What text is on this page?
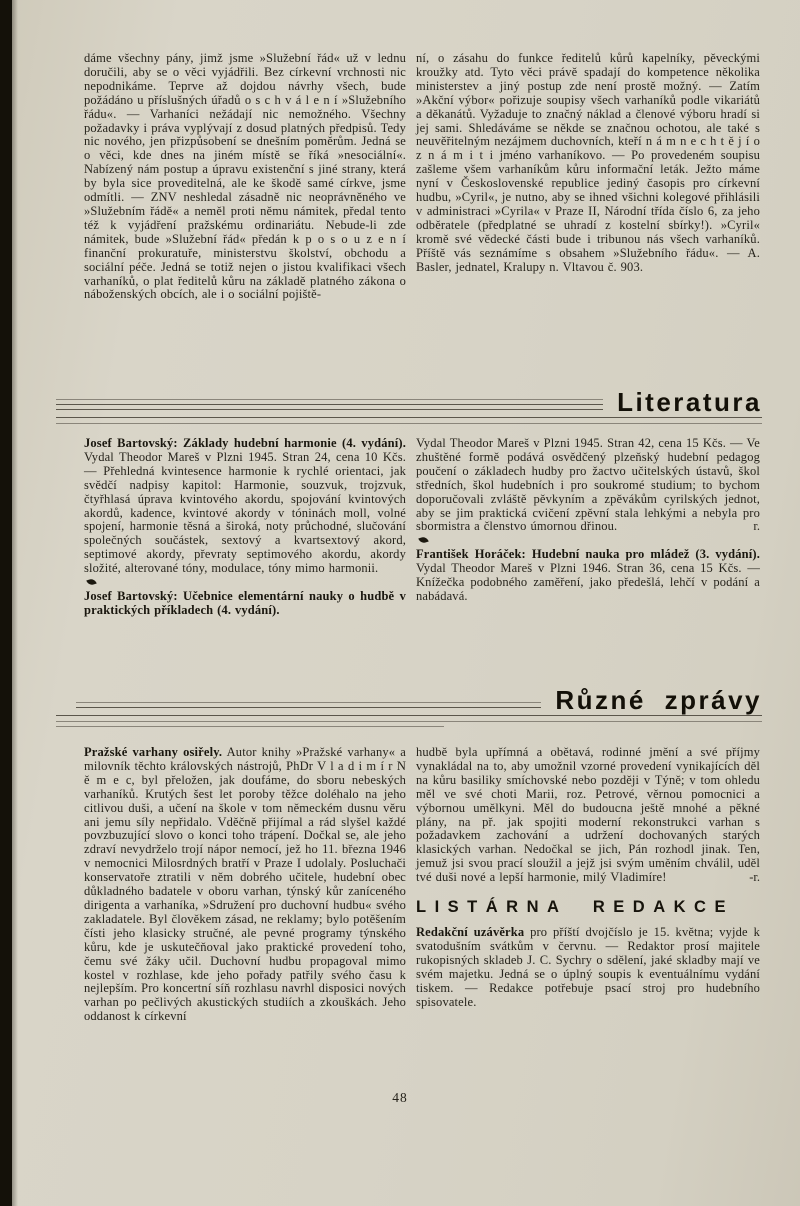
dáme všechny pány, jimž jsme »Služební řád« už v lednu doručili, aby se o věci vyjádřili. Bez církevní vrchnosti nic nepodnikáme. Teprve až dojdou návrhy všech, bude požádáno u příslušných úřadů o s c h v á l e n í »Služebního řádu«. — Varhaníci nežádají nic nemožného. Všechny požadavky i práva vyplývají z dosud platných předpisů. Tedy nic nového, jen přizpůsobení se dnešním poměrům. Jedná se o věci, kde dnes na jiném místě se říká »nesociální«. Nabízený nám postup a úpravu existenční s jiné strany, která by byla sice proveditelná, ale ke škodě samé církve, jsme odmítli. — ZNV neshledal zásadně nic neoprávněného ve »Služebním řádě« a neměl proti němu námitek, předal tento též k vyjádření pražskému ordinariátu. Nebude-li zde námitek, bude »Služební řád« předán k p o s o u z e n í finanční prokuratuře, ministerstvu školství, obchodu a sociální péče. Jedná se totiž nejen o jistou kvalifikaci všech varhaníků, o plat ředitelů kůru na základě platného zákona o náboženských obcích, ale i o sociální pojiště-

ní, o zásahu do funkce ředitelů kůrů kapelníky, pěveckými kroužky atd. Tyto věci právě spadají do kompetence několika ministerstev a jiný postup zde není prostě možný. — Zatím »Akční výbor« pořizuje soupisy všech varhaníků podle vikariátů a děkanátů. Vyžaduje to značný náklad a členové výboru hradí si jej sami. Shledáváme se někde se značnou ochotou, ale také s neuvěřitelným nezájmem duchovních, kteří n á m n e c h t ě j í o z n á m i t i jméno varhaníkovo. — Po provedeném soupisu zašleme všem varhaníkům kůru informační leták. Ježto máme nyní v Československé republice jediný časopis pro církevní hudbu, »Cyril«, je nutno, aby se ihned všichni kolegové přihlásili v administraci »Cyrila« v Praze II, Národní třída číslo 6, za jeho odběratele (předplatné se uhradí z kostelní sbírky!). »Cyril« kromě své vědecké části bude i tribunou nás všech varhaníků. Příště vás seznámíme s obsahem »Služebního řádu«. — A. Basler, jednatel, Kralupy n. Vltavou č. 903.

Literatura

Josef Bartovský: Základy hudební harmonie (4. vydání). Vydal Theodor Mareš v Plzni 1945. Stran 24, cena 10 Kčs. — Přehledná kvintesence harmonie k rychlé orientaci, jak svědčí nadpisy kapitol: Harmonie, souzvuk, trojzvuk, čtyřhlasá úprava kvintového akordu, spojování kvintových akordů, kadence, kvintové akordy v tóninách moll, volné spojení, harmonie těsná a široká, noty průchodné, slučování společných součástek, sextový a kvartsextový akord, septimové akordy, převraty septimového akordu, akordy složité, alterované tóny, modulace, tóny mimo harmonii.

Josef Bartovský: Učebnice elementární nauky o hudbě v praktických příkladech (4. vydání).

Vydal Theodor Mareš v Plzni 1945. Stran 42, cena 15 Kčs. — Ve zhuštěné formě podává osvědčený plzeňský hudební pedagog poučení o základech hudby pro žactvo učitelských ústavů, škol středních, škol hudebních i pro soukromé studium; to bychom doporučovali zvláště pěvkyním a zpěvákům cyrilských jednot, aby se jim praktická cvičení zpěvní stala lehkými a nebyla pro sbormistra a členstvo úmornou dřinou.	r.

František Horáček: Hudební nauka pro mládež (3. vydání). Vydal Theodor Mareš v Plzni 1946. Stran 36, cena 15 Kčs. — Knížečka podobného zaměření, jako předešlá, lehčí v podání a nabádavá.

Různé zprávy

Pražské varhany osiřely. Autor knihy »Pražské varhany« a milovník těchto královských nástrojů, PhDr V l a d i m í r N ě m e c, byl přeložen, jak doufáme, do sboru nebeských varhaníků. Krutých šest let poroby těžce doléhalo na jeho citlivou duši, a učení na škole v tom německém dusnu věru ani jemu síly nepřidalo. Vděčně přijímal a rád slyšel každé povzbuzující slovo o konci toho trápení. Dočkal se, ale jeho zdraví nevydrželo trojí nápor nemocí, jež ho 11. března 1946 v nemocnici Milosrdných bratří v Praze I udolaly. Posluchači konservatoře ztratili v něm dobrého učitele, hudební obec důkladného badatele v oboru varhan, týnský kůr zaníceného dirigenta a varhaníka, »Sdružení pro duchovní hudbu« svého zakladatele. Byl člověkem zásad, ne reklamy; bylo potěšením čísti jeho klasicky stručné, ale pevné programy týnského kůru, kde je uskutečňoval jako praktické provedení toho, čemu své žáky učil. Duchovní hudbu propagoval mimo kostel v rozhlase, kde jeho pořady patřily svého času k nejlepším. Pro koncertní síň rozhlasu navrhl disposici nových varhan po pečlivých akustických studiích a zkouškách. Jeho oddanost k církevní

hudbě byla upřímná a obětavá, rodinné jmění a své příjmy vynakládal na to, aby umožnil vzorné provedení vynikajících děl na kůru basiliky smíchovské nebo později v Týně; v tom ohledu měl ve své choti Marii, roz. Petrové, věrnou pomocnici a výbornou umělkyni. Měl do budoucna ještě mnohé a pěkné plány, na př. jak spojiti moderní rekonstrukci varhan s požadavkem zachování a udržení dochovaných starých klasických varhan. Nedočkal se jich, Pán rozhodl jinak. Ten, jemuž jsi svou prací sloužil a jejž jsi svým uměním chválil, uděl tvé duši nové a lepší harmonie, milý Vladimíre!	-r.
LISTÁRNA REDAKCE

Redakční uzávěrka pro příští dvojčíslo je 15. května; vyjde k svatodušním svátkům v červnu. — Redaktor prosí majitele rukopisných skladeb J. C. Sychry o sdělení, jaké skladby mají ve svém majetku. Jedná se o úplný soupis k eventuálnímu vydání tiskem. — Redakce potřebuje psací stroj pro hudebního spisovatele.

48
